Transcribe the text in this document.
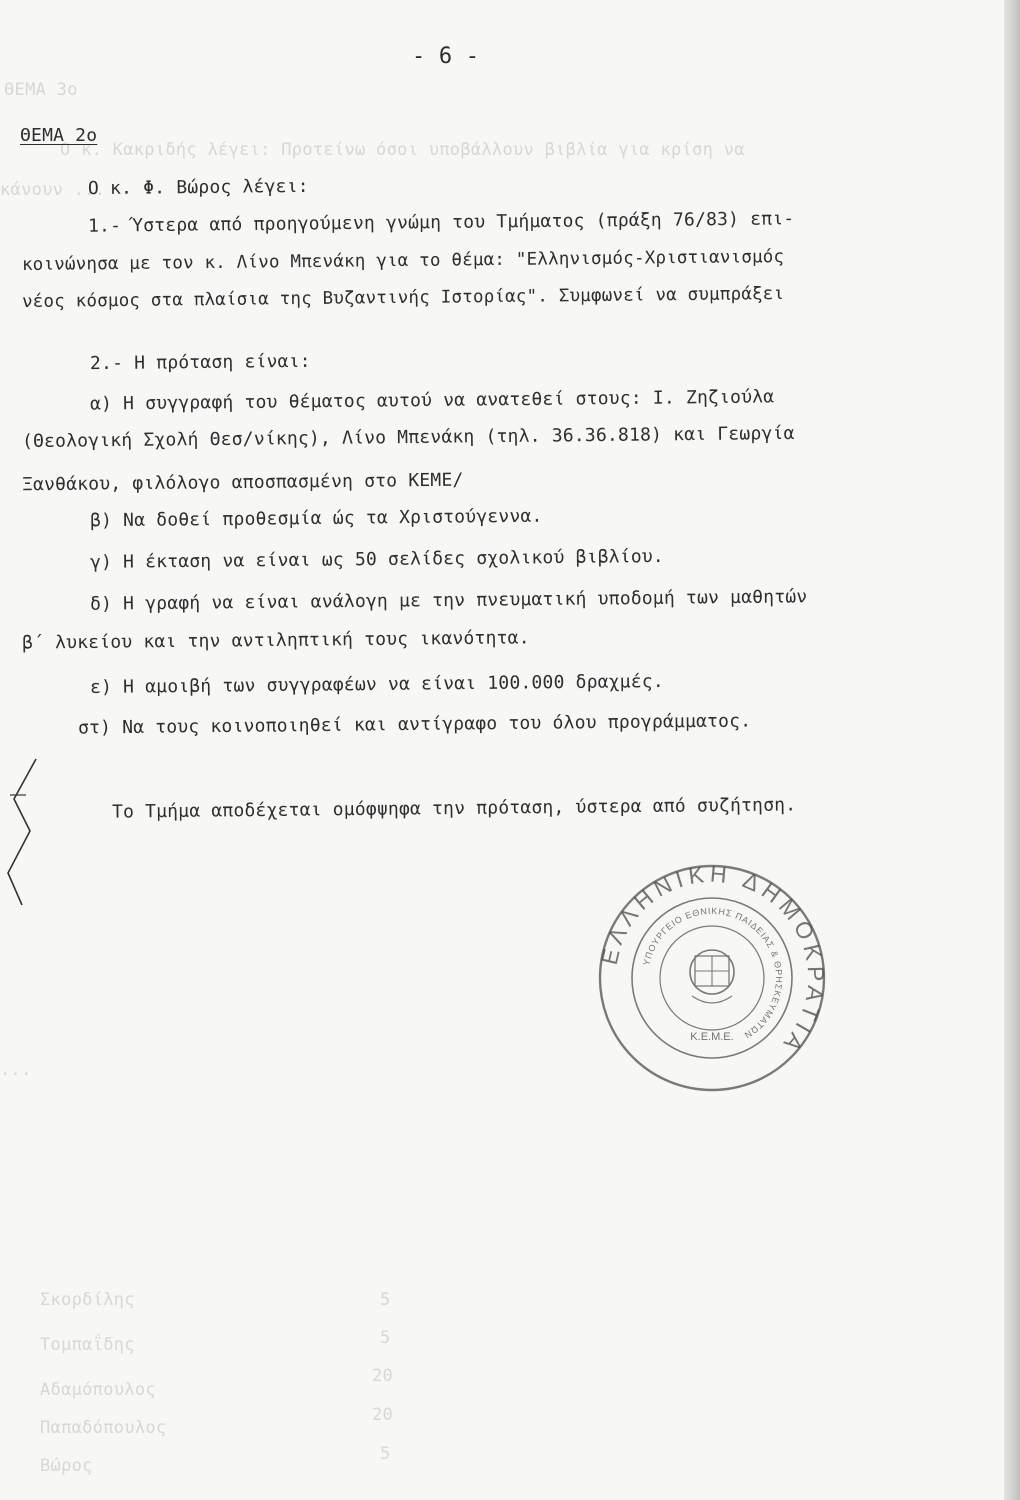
ΘΕΜΑ 3ο
Ο κ. Κακριδής λέγει: Προτείνω όσοι υποβάλλουν βιβλία για κρίση να
κάνουν ...
...
Σκορδίλης
Τομπαΐδης
Αδαμόπουλος
Παπαδόπουλος
Βώρος
5
5
20
20
5
- 6 -
ΘΕΜΑ 2ο
Ο κ. Φ. Βώρος λέγει:
1.- Ύστερα από προηγούμενη γνώμη του Τμήματος (πράξη 76/83) επι-
κοινώνησα με τον κ. Λίνο Μπενάκη για το θέμα: "Ελληνισμός-Χριστιανισμός
νέος κόσμος στα πλαίσια της Βυζαντινής Ιστορίας". Συμφωνεί να συμπράξει
2.- Η πρόταση είναι:
α) Η συγγραφή του θέματος αυτού να ανατεθεί στους: Ι. Ζηζιούλα
(Θεολογική Σχολή Θεσ/νίκης), Λίνο Μπενάκη (τηλ. 36.36.818) και Γεωργία
Ξανθάκου, φιλόλογο αποσπασμένη στο ΚΕΜΕ/
β) Να δοθεί προθεσμία ώς τα Χριστούγεννα.
γ) Η έκταση να είναι ως 50 σελίδες σχολικού βιβλίου.
δ) Η γραφή να είναι ανάλογη με την πνευματική υποδομή των μαθητών
β΄ λυκείου και την αντιληπτική τους ικανότητα.
ε) Η αμοιβή των συγγραφέων να είναι 100.000 δραχμές.
στ) Να τους κοινοποιηθεί και αντίγραφο του όλου προγράμματος.
Το Τμήμα αποδέχεται ομόφψηφα την πρόταση, ύστερα από συζήτηση.
ΕΛΛΗΝΙΚΗ ΔΗΜΟΚΡΑΤΙΑ
ΥΠΟΥΡΓΕΙΟ ΕΘΝΙΚΗΣ ΠΑΙΔΕΙΑΣ & ΘΡΗΣΚΕΥΜΑΤΩΝ
Κ.Ε.Μ.Ε.
